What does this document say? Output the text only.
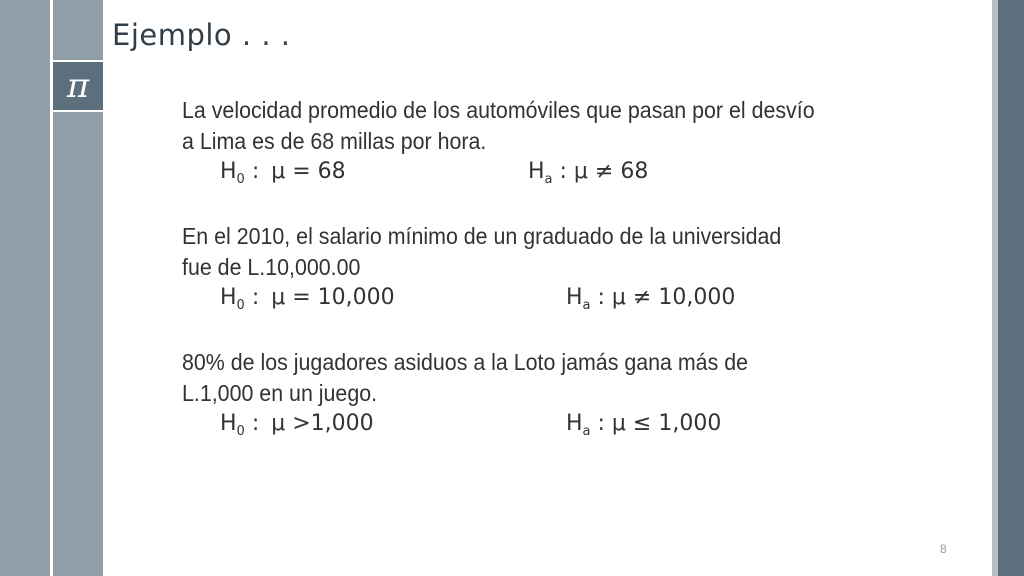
π
Ejemplo . . .

La velocidad promedio de los automóviles que pasan por el desvío

a Lima es de 68 millas por hora.

$H_0$ : μ = 68	$H_a$ : μ ≠ 68

En el 2010, el salario mínimo de un graduado de la universidad

fue de L.10,000.00

$H_0$ : μ = 10,000	$H_a$ : μ ≠ 10,000

80% de los jugadores asiduos a la Loto jamás gana más de

L.1,000 en un juego.

$H_0$ : μ >1,000	$H_a$ : μ ≤ 1,000
8
